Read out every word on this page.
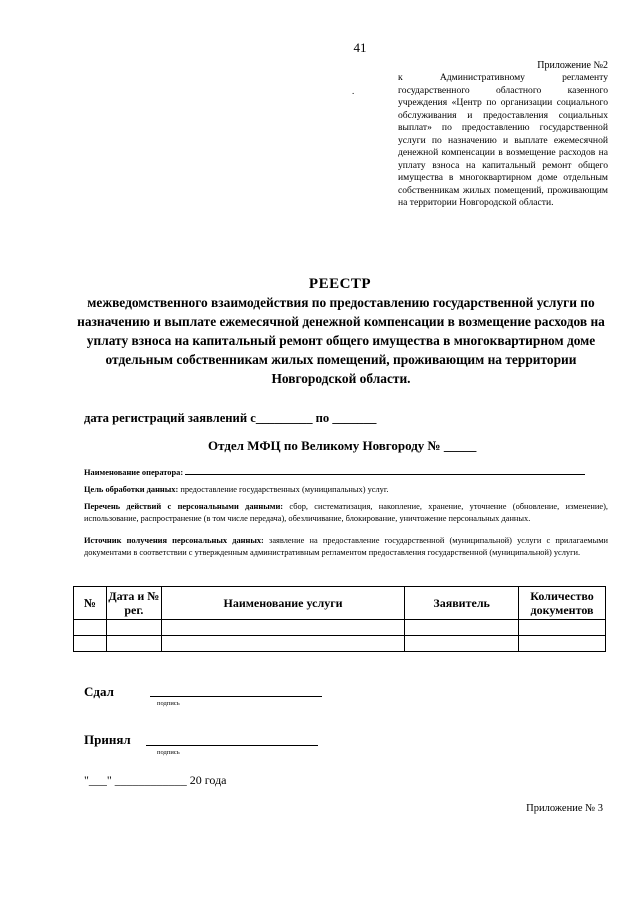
41
Приложение №2
к Административному регламенту государственного областного казенного учреждения «Центр по организации социального обслуживания и предоставления социальных выплат» по предоставлению государственной услуги по назначению и выплате ежемесячной денежной компенсации в возмещение расходов на уплату взноса на капитальный ремонт общего имущества в многоквартирном доме отдельным собственникам жилых помещений, проживающим на территории Новгородской области.
.
РЕЕСТР
межведомственного взаимодействия по предоставлению государственной услуги по назначению и выплате ежемесячной денежной компенсации в возмещение расходов на уплату взноса на капитальный ремонт общего имущества в многоквартирном доме отдельным собственникам жилых помещений, проживающим на территории Новгородской области.
дата регистраций заявлений с_________ по _______
Отдел МФЦ по Великому Новгороду № _____
Наименование оператора:
Цель обработки данных: предоставление государственных (муниципальных) услуг.
Перечень действий с персональными данными: сбор, систематизация, накопление, хранение, уточнение (обновление, изменение), использование, распространение (в том числе передача), обезличивание, блокирование, уничтожение персональных данных.
Источник получения персональных данных: заявление на предоставление государственной (муниципальной) услуги с прилагаемыми документами в соответствии с утвержденным административным регламентом предоставления государственной (муниципальной) услуги.
№	Дата и № рег.	Наименование услуги	Заявитель	Количество документов

Сдал
подпись
Принял
подпись
"___" ____________ 20 года
Приложение № 3
